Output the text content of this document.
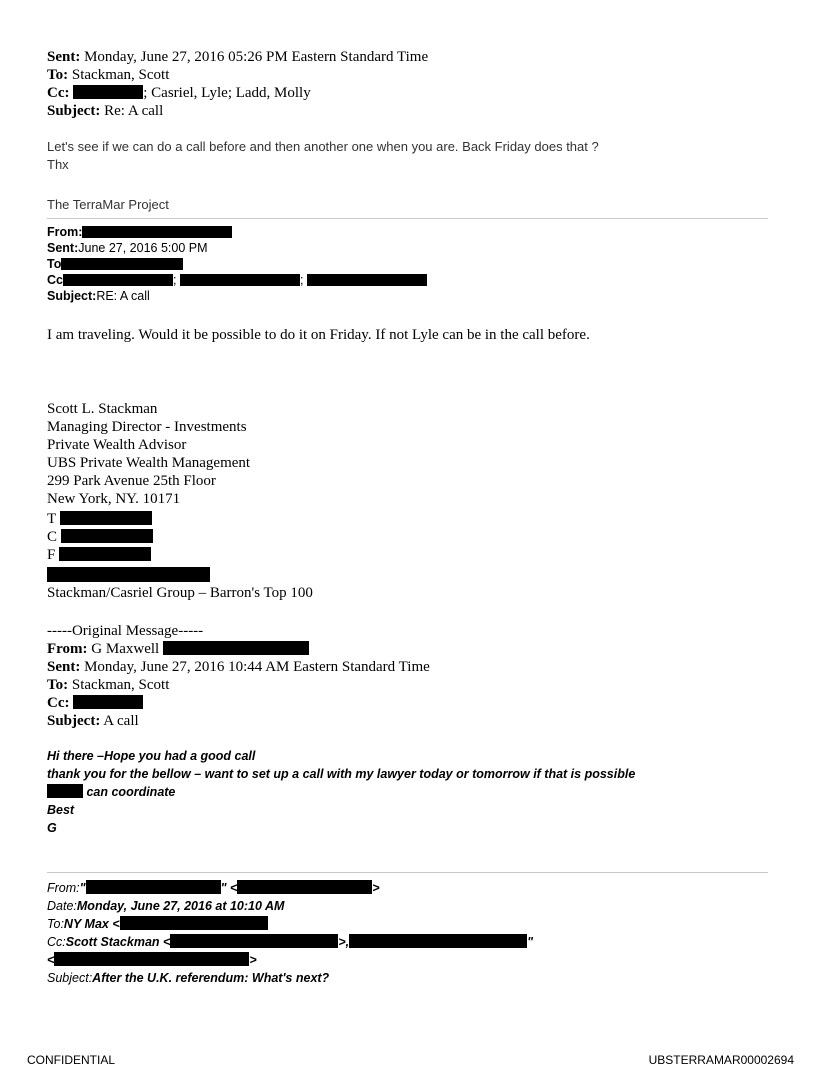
Sent: Monday, June 27, 2016 05:26 PM Eastern Standard Time
To: Stackman, Scott
Cc:	; Casriel, Lyle; Ladd, Molly
Subject: Re: A call
Let's see if we can do a call before and then another one when you are. Back Friday does that ?
Thx
The TerraMar Project
From:
Sent:June 27, 2016 5:00 PM
To
Cc	;	;
Subject:RE: A call
I am traveling. Would it be possible to do it on Friday. If not Lyle can be in the call before.
Scott L. Stackman
Managing Director - Investments
Private Wealth Advisor
UBS Private Wealth Management
299 Park Avenue 25th Floor
New York, NY. 10171
T
C
F
Stackman/Casriel Group – Barron's Top 100
-----Original Message-----
From: G Maxwell
Sent: Monday, June 27, 2016 10:44 AM Eastern Standard Time
To: Stackman, Scott
Cc:
Subject: A call
Hi there –Hope you had a good call
thank you for the bellow – want to set up a call with my lawyer today or tomorrow if that is possible
can coordinate
Best
G
From:"	" <	>
Date:Monday, June 27, 2016 at 10:10 AM
To:NY Max <
Cc:Scott Stackman <	>,	"
<	>
Subject:After the U.K. referendum: What's next?
CONFIDENTIAL	UBSTERRAMAR00002694
